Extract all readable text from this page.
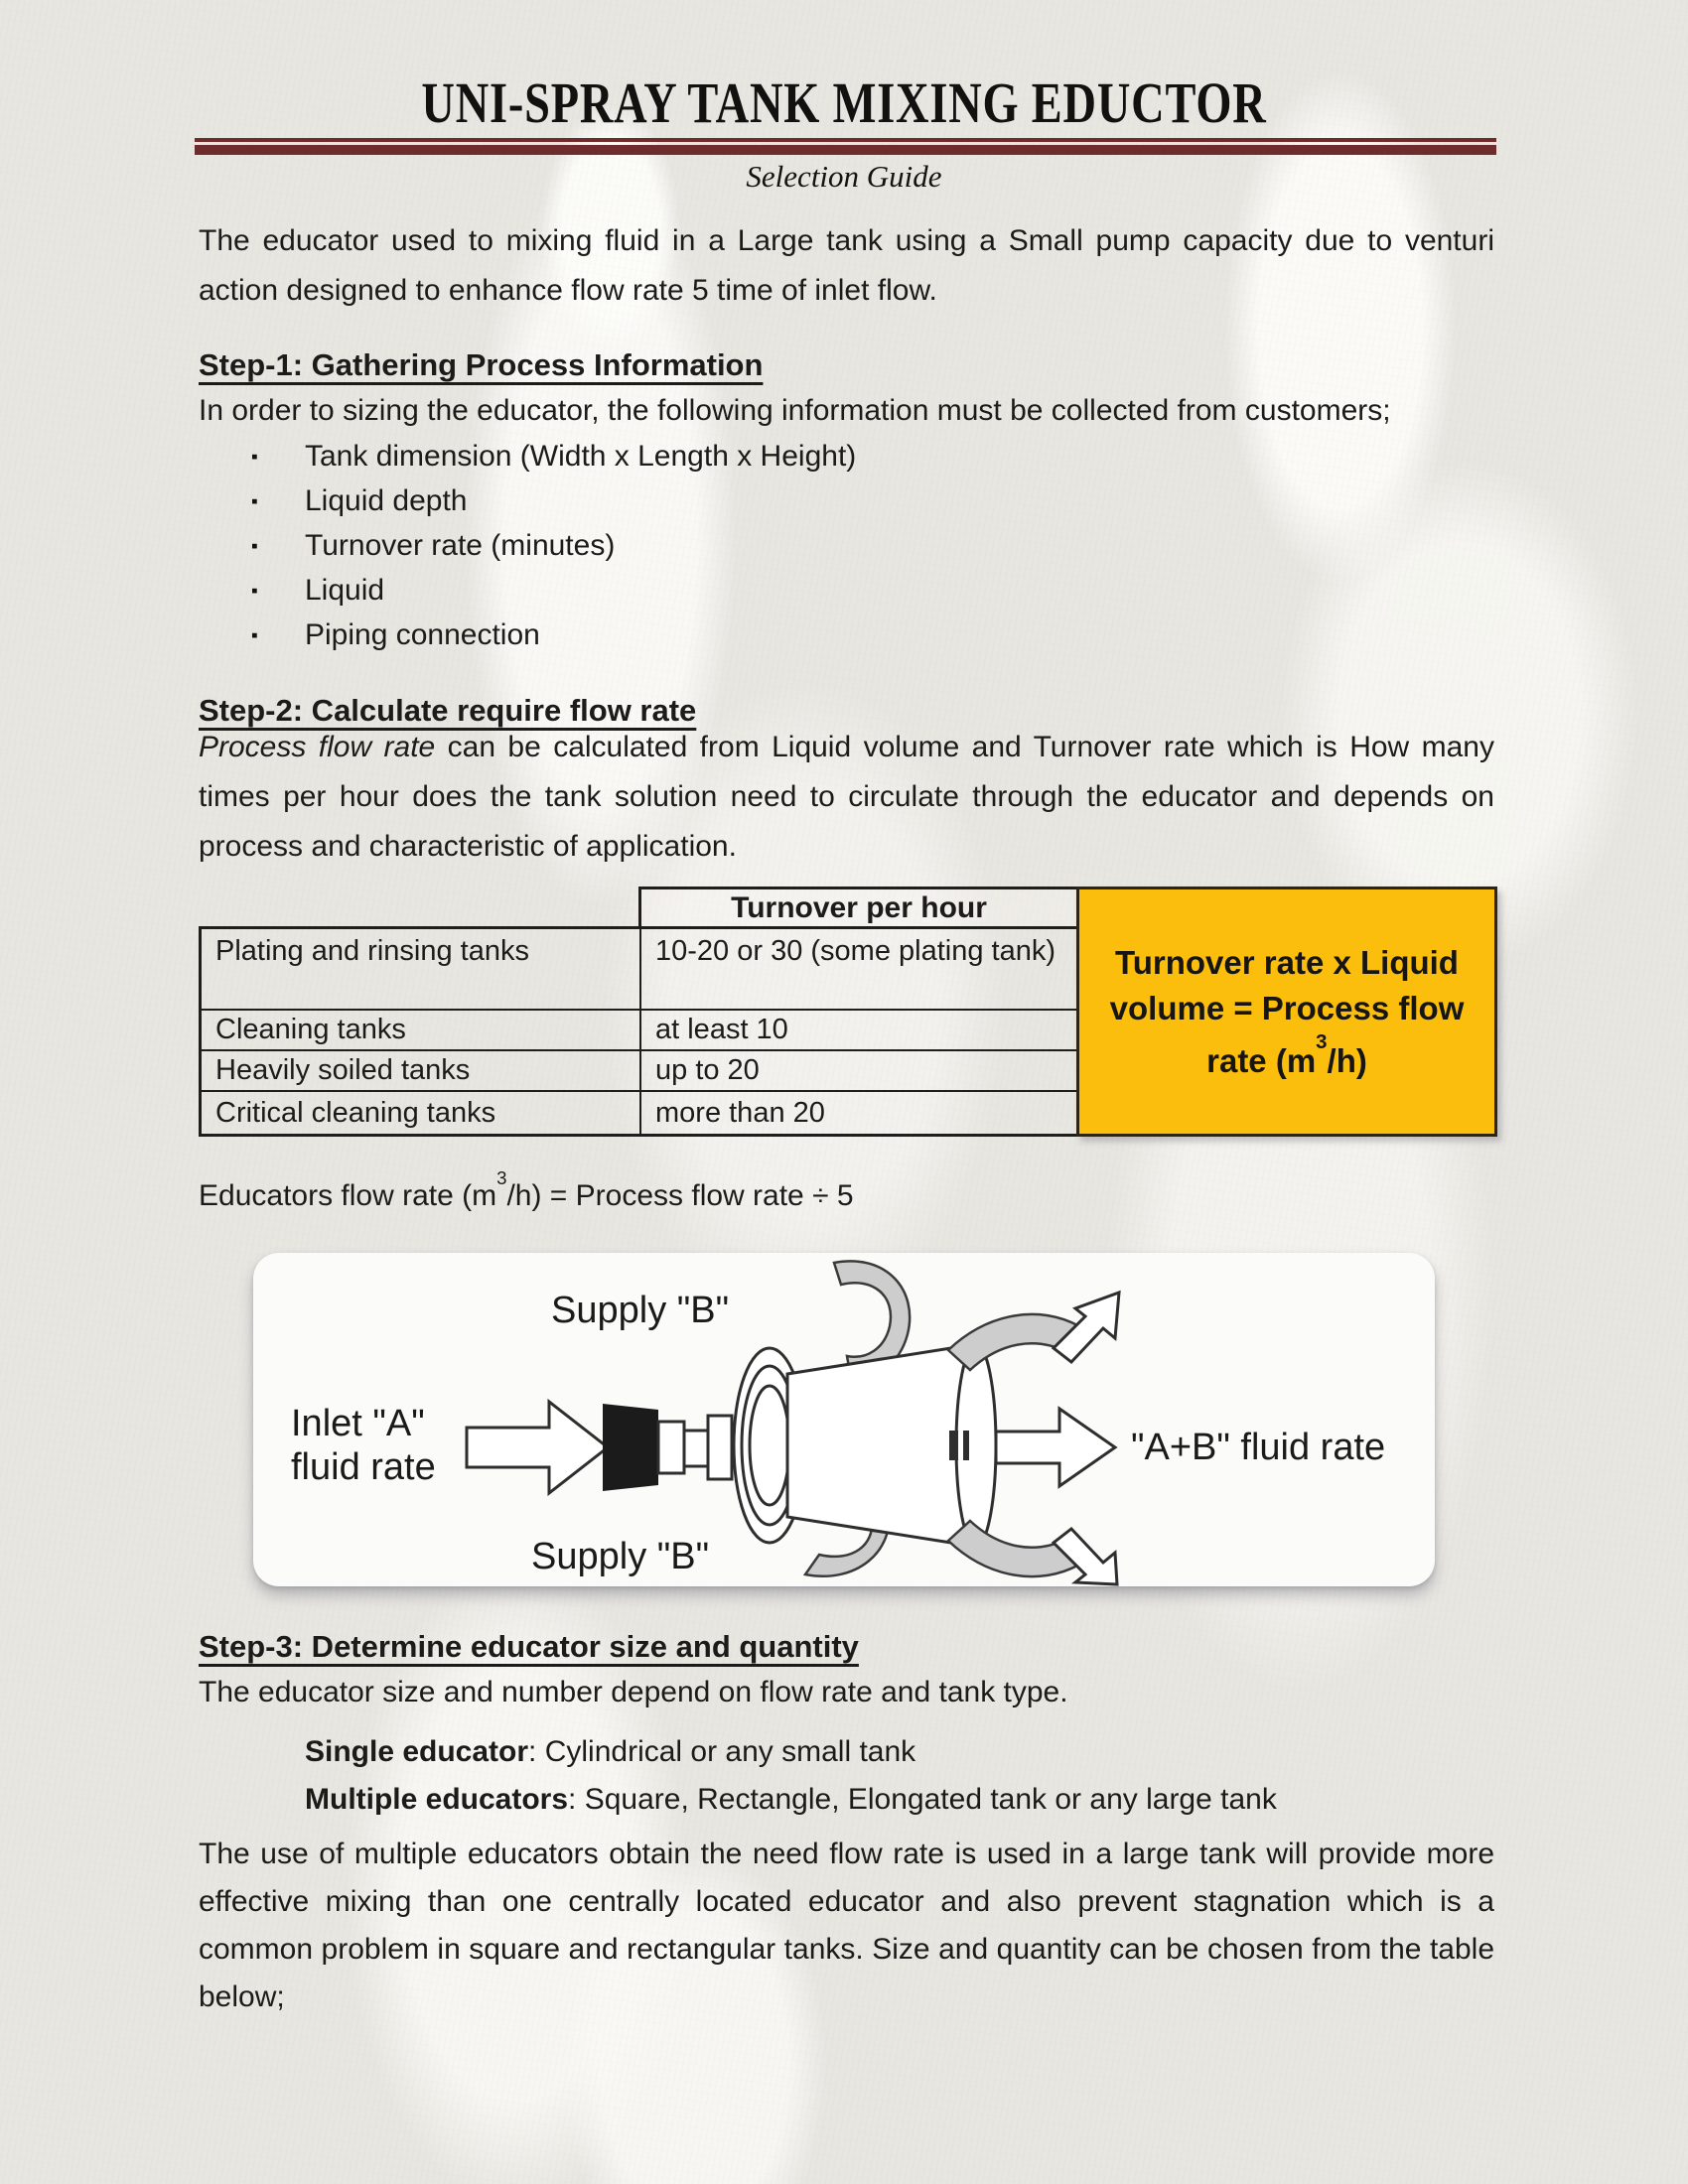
UNI-SPRAY TANK MIXING EDUCTOR
Selection Guide

The educator used to mixing fluid in a Large tank using a Small pump capacity due to venturi action designed to enhance flow rate 5 time of inlet flow.

Step-1: Gathering Process Information
In order to sizing the educator, the following information must be collected from customers;
▪	Tank dimension (Width x Length x Height)
▪	Liquid depth
▪	Turnover rate (minutes)
▪	Liquid
▪	Piping connection
Step-2: Calculate require flow rate

Process flow rate can be calculated from Liquid volume and Turnover rate which is How many times per hour does the tank solution need to circulate through the educator and depends on process and characteristic of application.

Turnover per hour
Plating and rinsing tanks	10-20 or 30 (some plating tank)
Cleaning tanks	at least 10
Heavily soiled tanks	up to 20
Critical cleaning tanks	more than 20
Turnover rate x Liquid volume = Process flow rate $(m^3/h)$
Educators flow rate $(m^3/h)$ = Process flow rate ÷ 5
Supply "B"
Inlet "A"
fluid rate	"A+B" fluid rate
Supply "B"
Step-3: Determine educator size and quantity
The educator size and number depend on flow rate and tank type.
Single educator: Cylindrical or any small tank
Multiple educators: Square, Rectangle, Elongated tank or any large tank

The use of multiple educators obtain the need flow rate is used in a large tank will provide more effective mixing than one centrally located educator and also prevent stagnation which is a common problem in square and rectangular tanks. Size and quantity can be chosen from the table below;
